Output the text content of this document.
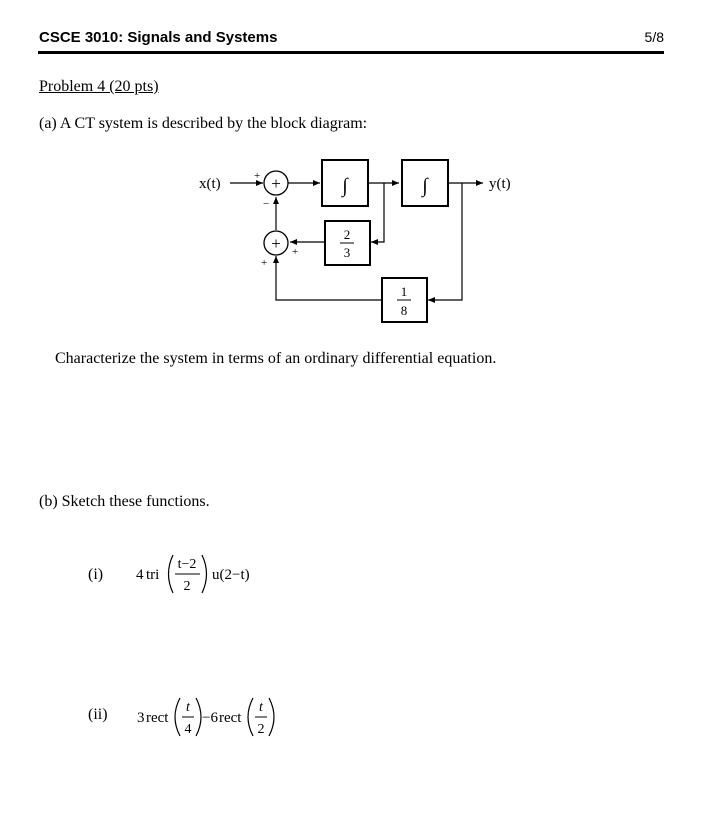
CSCE 3010: Signals and Systems	5/8
Problem 4 (20 pts)
(a) A CT system is described by the block diagram:
+
+
+
−
+
+
∫	∫
2
3
1
8
x(t)	y(t)
Characterize the system in terms of an ordinary differential equation.
(b) Sketch these functions.
(i) 4 tri
t−2
2
u(2−t)
(ii) 3 rect
t
4
−6 rect
t
2
